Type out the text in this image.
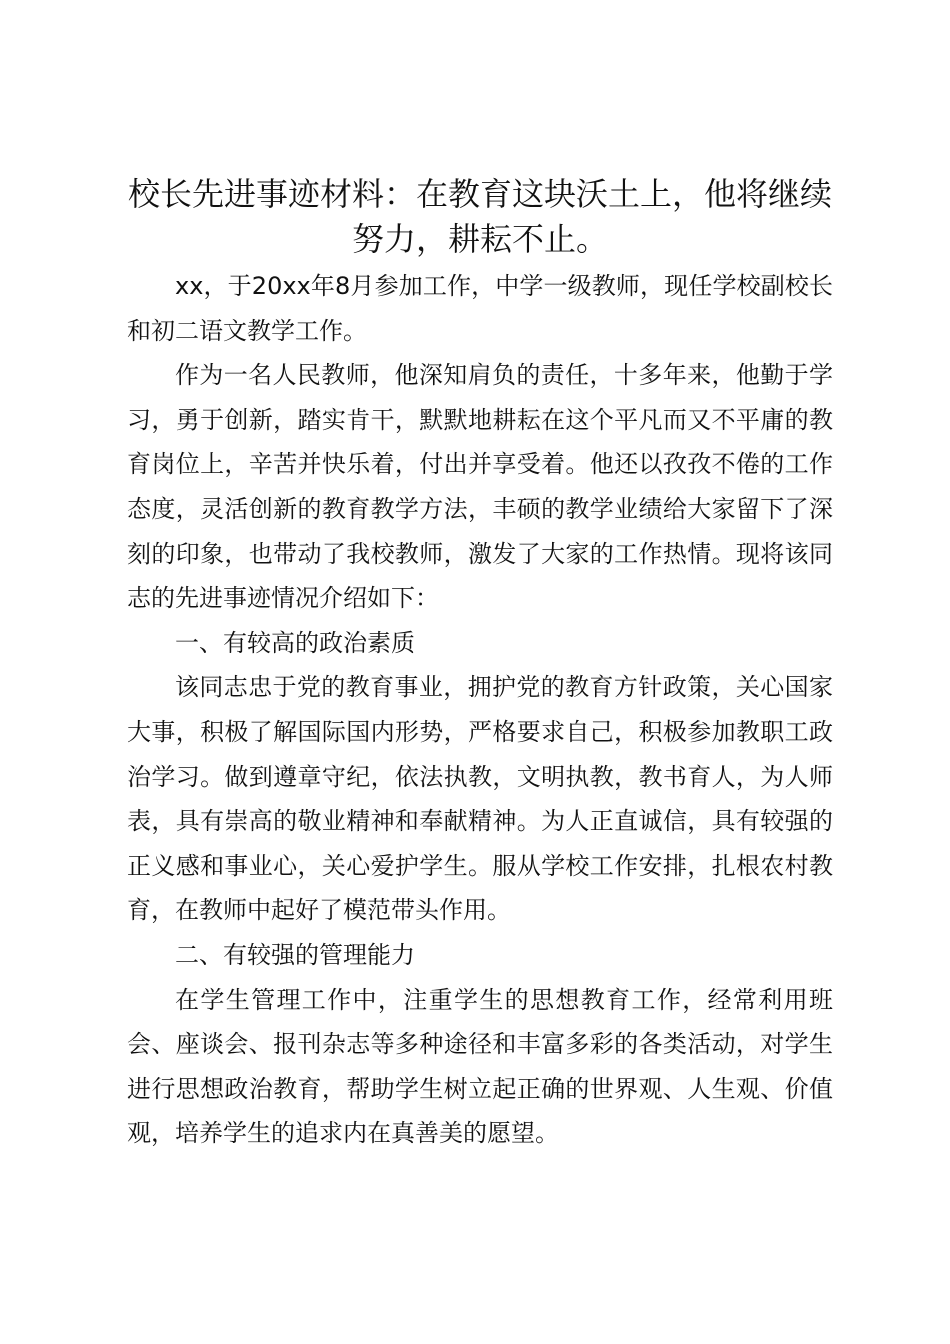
校长先进事迹材料：在教育这块沃土上，他将继续努力，耕耘不止。

xx，于20xx年8月参加工作，中学一级教师，现任学校副校长和初二语文教学工作。

作为一名人民教师，他深知肩负的责任，十多年来，他勤于学习，勇于创新，踏实肯干，默默地耕耘在这个平凡而又不平庸的教育岗位上，辛苦并快乐着，付出并享受着。他还以孜孜不倦的工作态度，灵活创新的教育教学方法，丰硕的教学业绩给大家留下了深刻的印象，也带动了我校教师，激发了大家的工作热情。现将该同志的先进事迹情况介绍如下：

一、有较高的政治素质

该同志忠于党的教育事业，拥护党的教育方针政策，关心国家大事，积极了解国际国内形势，严格要求自己，积极参加教职工政治学习。做到遵章守纪，依法执教，文明执教，教书育人，为人师表，具有崇高的敬业精神和奉献精神。为人正直诚信，具有较强的正义感和事业心，关心爱护学生。服从学校工作安排，扎根农村教育，在教师中起好了模范带头作用。

二、有较强的管理能力

在学生管理工作中，注重学生的思想教育工作，经常利用班会、座谈会、报刊杂志等多种途径和丰富多彩的各类活动，对学生进行思想政治教育，帮助学生树立起正确的世界观、人生观、价值观，培养学生的追求内在真善美的愿望。
